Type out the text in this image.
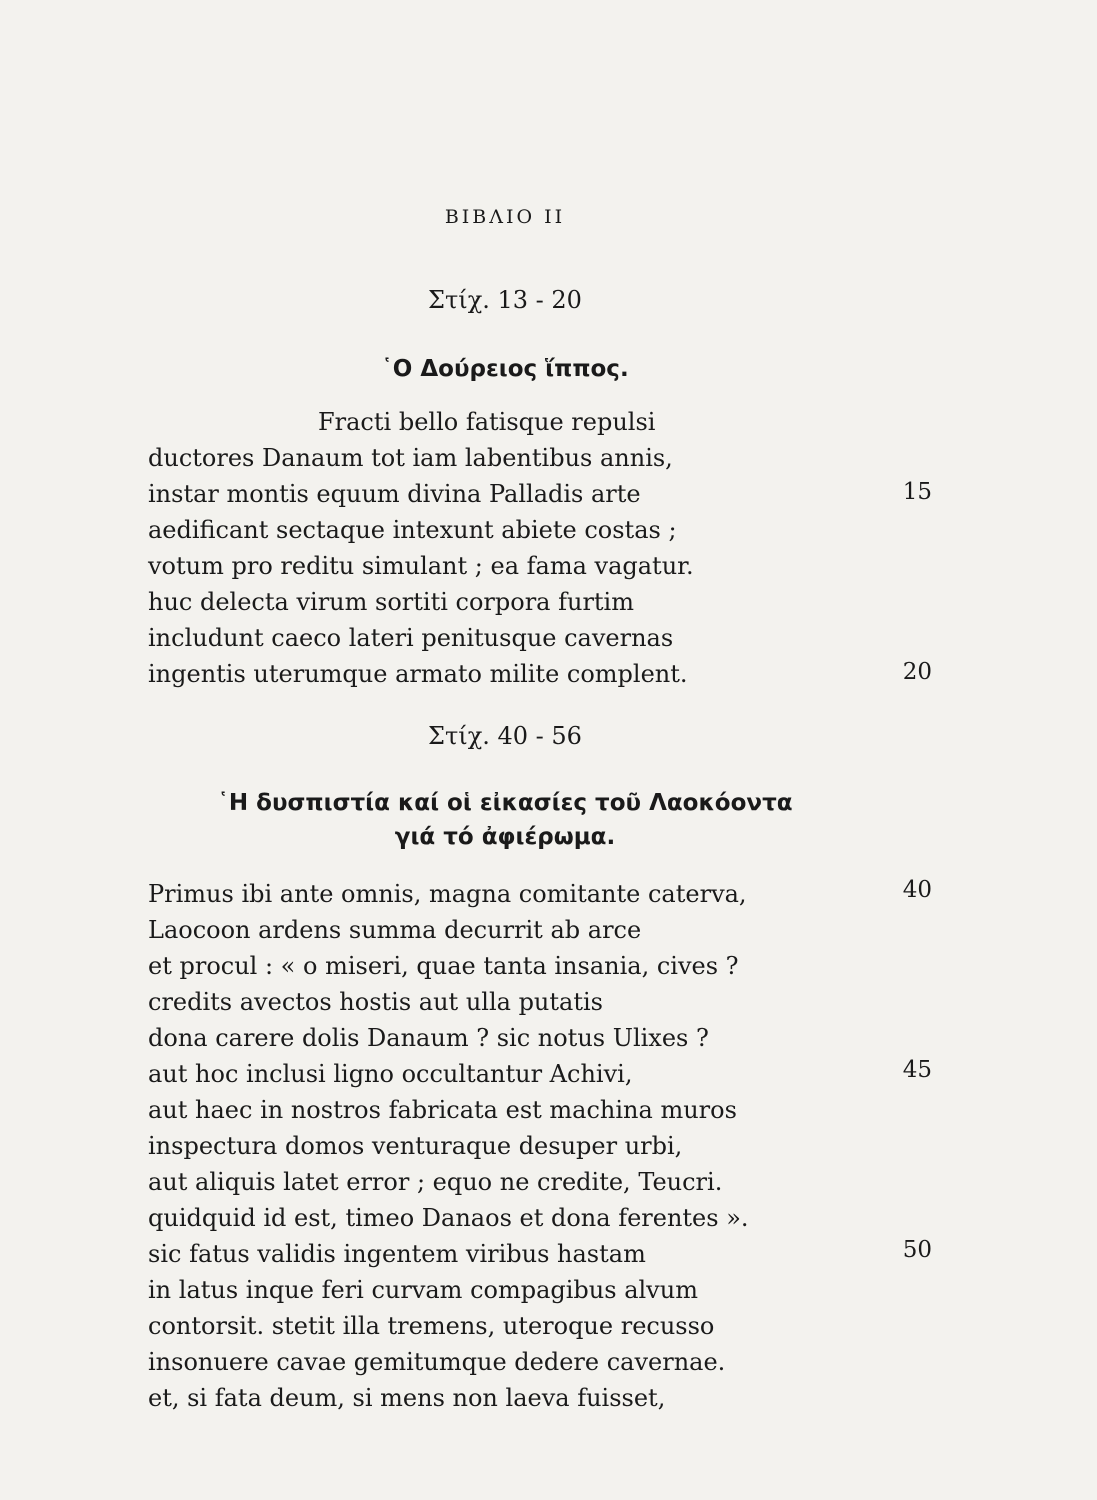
ΒΙΒΛΙΟ ΙΙ
Στίχ. 13 - 20
῾Ο Δούρειος ἵππος.
Fracti bello fatisque repulsi
ductores Danaum tot iam labentibus annis,
instar montis equum divina Palladis arte
aedificant sectaque intexunt abiete costas ;
votum pro reditu simulant ; ea fama vagatur.
huc delecta virum sortiti corpora furtim
includunt caeco lateri penitusque cavernas
ingentis uterumque armato milite complent.
15
20
Στίχ. 40 - 56
῾Η δυσπιστία καί οἱ εἰκασίες τοῦ Λαοκόοντα
γιά τό ἀφιέρωμα.
Primus ibi ante omnis, magna comitante caterva,
Laocoon ardens summa decurrit ab arce
et procul : « o miseri, quae tanta insania, cives ?
credits avectos hostis aut ulla putatis
dona carere dolis Danaum ? sic notus Ulixes ?
aut hoc inclusi ligno occultantur Achivi,
aut haec in nostros fabricata est machina muros
inspectura domos venturaque desuper urbi,
aut aliquis latet error ; equo ne credite, Teucri.
quidquid id est, timeo Danaos et dona ferentes ».
sic fatus validis ingentem viribus hastam
in latus inque feri curvam compagibus alvum
contorsit. stetit illa tremens, uteroque recusso
insonuere cavae gemitumque dedere cavernae.
et, si fata deum, si mens non laeva fuisset,
40
45
50
